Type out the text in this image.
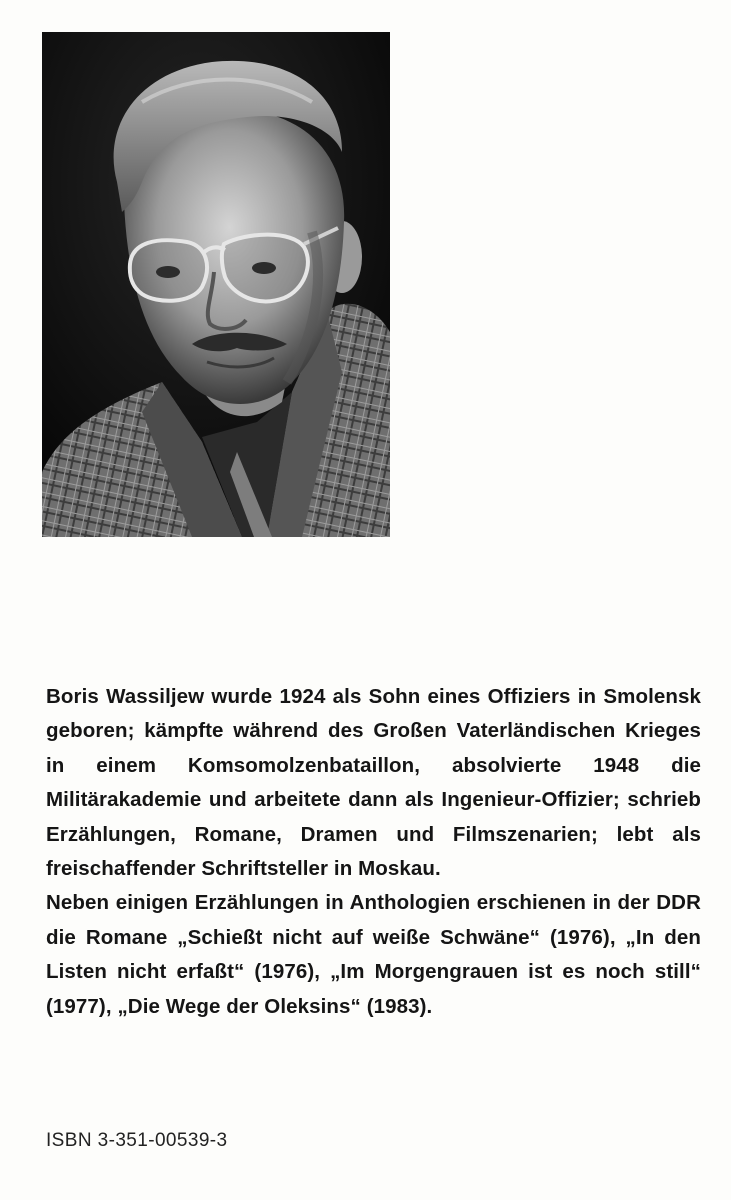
Boris Wassiljew wurde 1924 als Sohn eines Offiziers in Smolensk geboren; kämpfte während des Großen Vaterländischen Krieges in einem Komsomolzenbataillon, absolvierte 1948 die Militärakademie und arbeitete dann als Ingenieur-Offizier; schrieb Erzählungen, Romane, Dramen und Filmszenarien; lebt als freischaffender Schriftsteller in Moskau.

Neben einigen Erzählungen in Anthologien erschienen in der DDR die Romane „Schießt nicht auf weiße Schwäne“ (1976), „In den Listen nicht erfaßt“ (1976), „Im Morgengrauen ist es noch still“ (1977), „Die Wege der Oleksins“ (1983).

ISBN 3-351-00539-3
